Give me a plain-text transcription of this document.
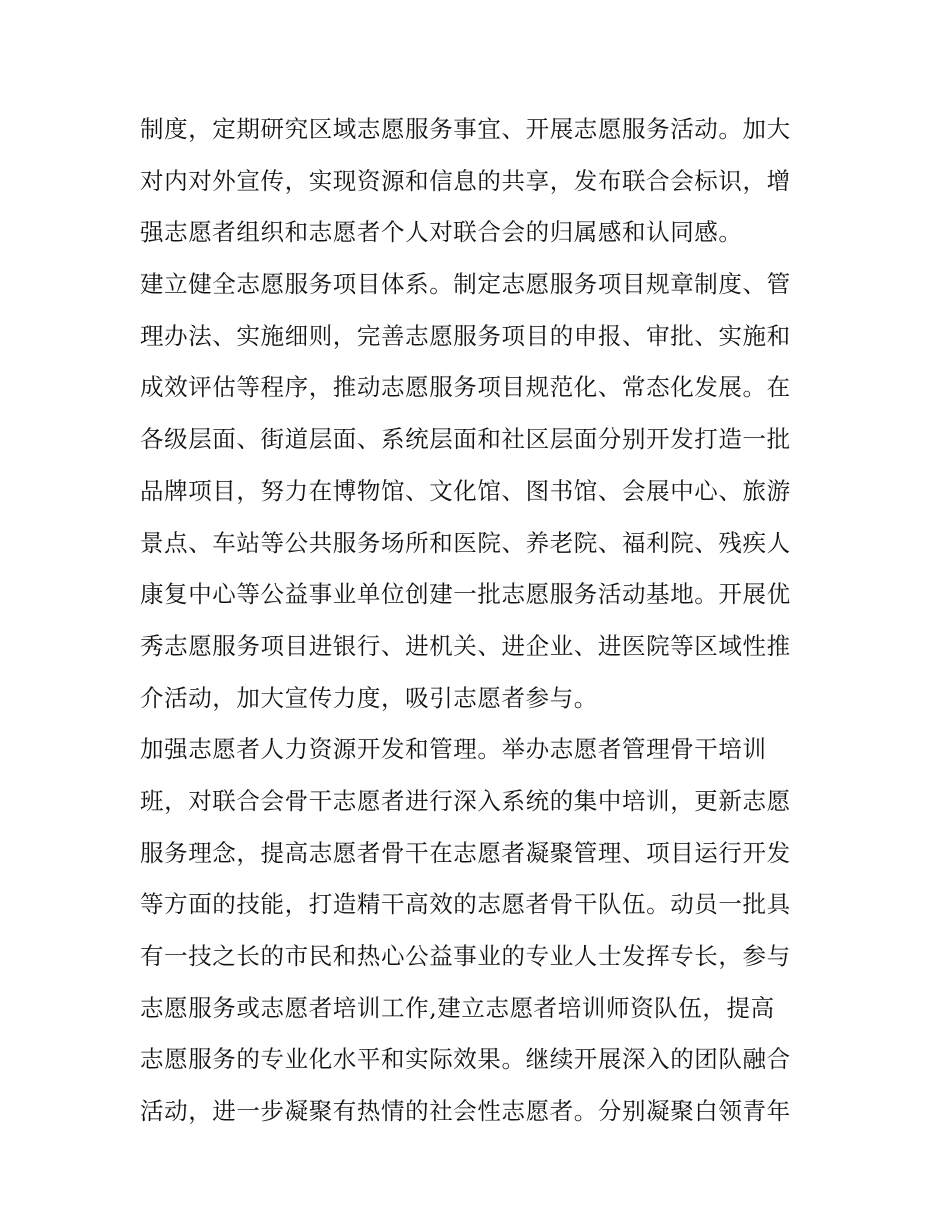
制度，定期研究区域志愿服务事宜、开展志愿服务活动。加大
对内对外宣传，实现资源和信息的共享，发布联合会标识，增
强志愿者组织和志愿者个人对联合会的归属感和认同感。
建立健全志愿服务项目体系。制定志愿服务项目规章制度、管
理办法、实施细则，完善志愿服务项目的申报、审批、实施和
成效评估等程序，推动志愿服务项目规范化、常态化发展。在
各级层面、街道层面、系统层面和社区层面分别开发打造一批
品牌项目，努力在博物馆、文化馆、图书馆、会展中心、旅游
景点、车站等公共服务场所和医院、养老院、福利院、残疾人
康复中心等公益事业单位创建一批志愿服务活动基地。开展优
秀志愿服务项目进银行、进机关、进企业、进医院等区域性推
介活动，加大宣传力度，吸引志愿者参与。
加强志愿者人力资源开发和管理。举办志愿者管理骨干培训
班，对联合会骨干志愿者进行深入系统的集中培训，更新志愿
服务理念，提高志愿者骨干在志愿者凝聚管理、项目运行开发
等方面的技能，打造精干高效的志愿者骨干队伍。动员一批具
有一技之长的市民和热心公益事业的专业人士发挥专长，参与
志愿服务或志愿者培训工作,建立志愿者培训师资队伍，提高
志愿服务的专业化水平和实际效果。继续开展深入的团队融合
活动，进一步凝聚有热情的社会性志愿者。分别凝聚白领青年
